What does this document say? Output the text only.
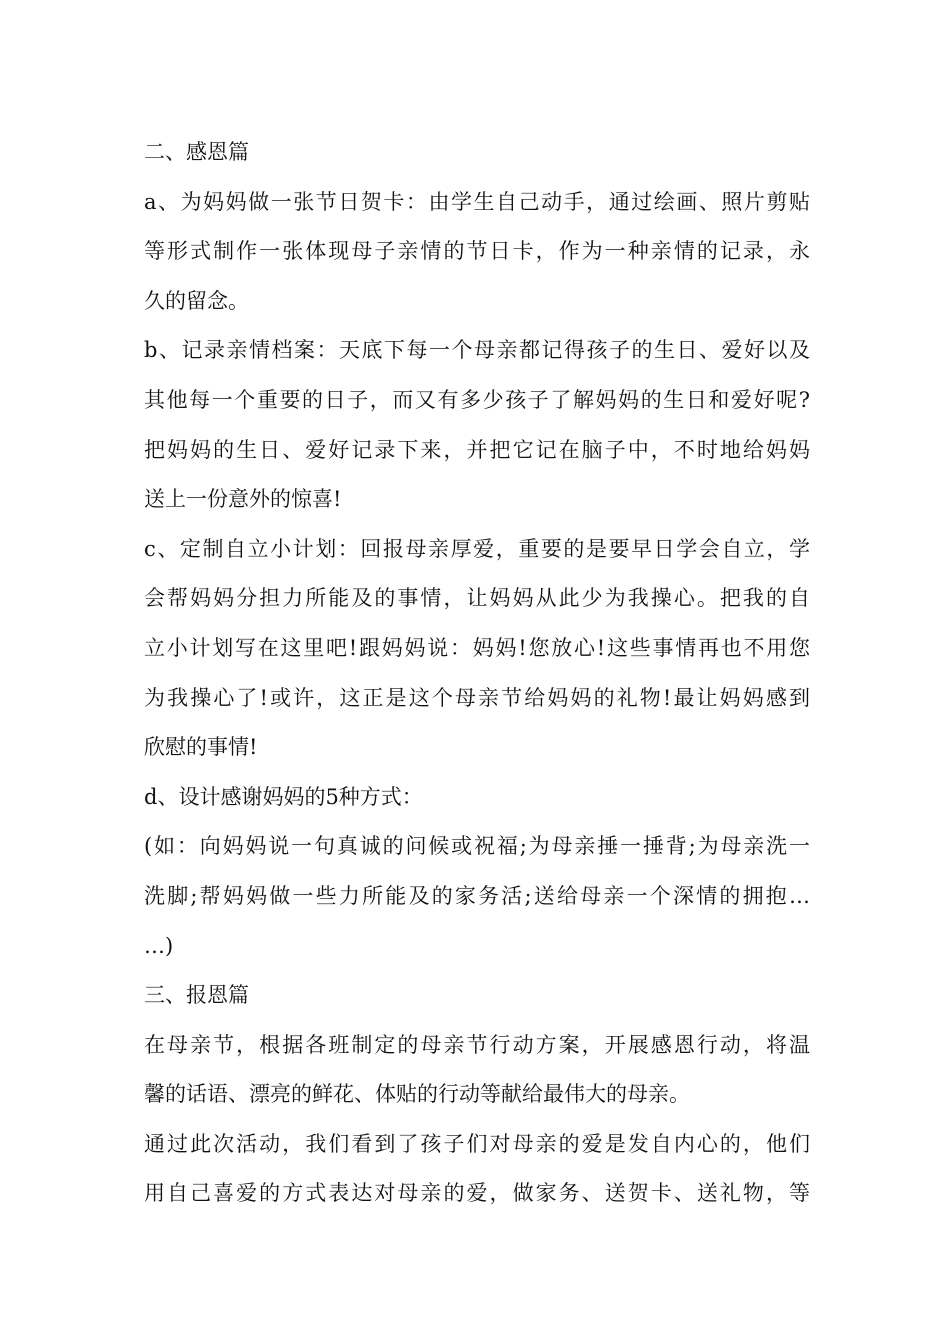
二、感恩篇
a、为妈妈做一张节日贺卡：由学生自己动手，通过绘画、照片剪贴
等形式制作一张体现母子亲情的节日卡，作为一种亲情的记录，永
久的留念。
b、记录亲情档案：天底下每一个母亲都记得孩子的生日、爱好以及
其他每一个重要的日子，而又有多少孩子了解妈妈的生日和爱好呢?
把妈妈的生日、爱好记录下来，并把它记在脑子中，不时地给妈妈
送上一份意外的惊喜!
c、定制自立小计划：回报母亲厚爱，重要的是要早日学会自立，学
会帮妈妈分担力所能及的事情，让妈妈从此少为我操心。把我的自
立小计划写在这里吧!跟妈妈说：妈妈!您放心!这些事情再也不用您
为我操心了!或许，这正是这个母亲节给妈妈的礼物!最让妈妈感到
欣慰的事情!
d、设计感谢妈妈的5种方式：
(如：向妈妈说一句真诚的问候或祝福;为母亲捶一捶背;为母亲洗一
洗脚;帮妈妈做一些力所能及的家务活;送给母亲一个深情的拥抱…
…)
三、报恩篇
在母亲节，根据各班制定的母亲节行动方案，开展感恩行动，将温
馨的话语、漂亮的鲜花、体贴的行动等献给最伟大的母亲。
通过此次活动，我们看到了孩子们对母亲的爱是发自内心的，他们
用自己喜爱的方式表达对母亲的爱，做家务、送贺卡、送礼物，等
